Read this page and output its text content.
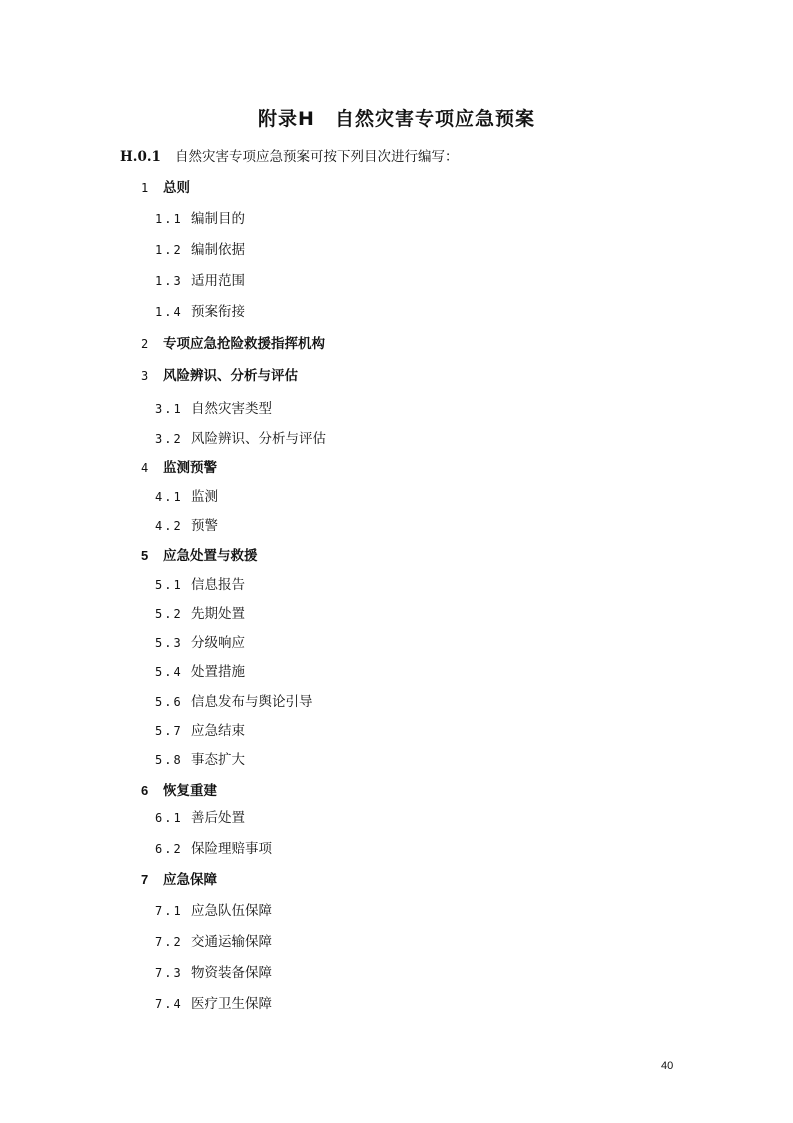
附录H　自然灾害专项应急预案
H.0.1 自然灾害专项应急预案可按下列目次进行编写：
1 总则
1.1 编制目的
1.2 编制依据
1.3 适用范围
1.4 预案衔接
2 专项应急抢险救援指挥机构
3 风险辨识、分析与评估
3.1 自然灾害类型
3.2 风险辨识、分析与评估
4 监测预警
4.1 监测
4.2 预警
5 应急处置与救援
5.1 信息报告
5.2 先期处置
5.3 分级响应
5.4 处置措施
5.6 信息发布与舆论引导
5.7 应急结束
5.8 事态扩大
6 恢复重建
6.1 善后处置
6.2 保险理赔事项
7 应急保障
7.1 应急队伍保障
7.2 交通运输保障
7.3 物资装备保障
7.4 医疗卫生保障
40
